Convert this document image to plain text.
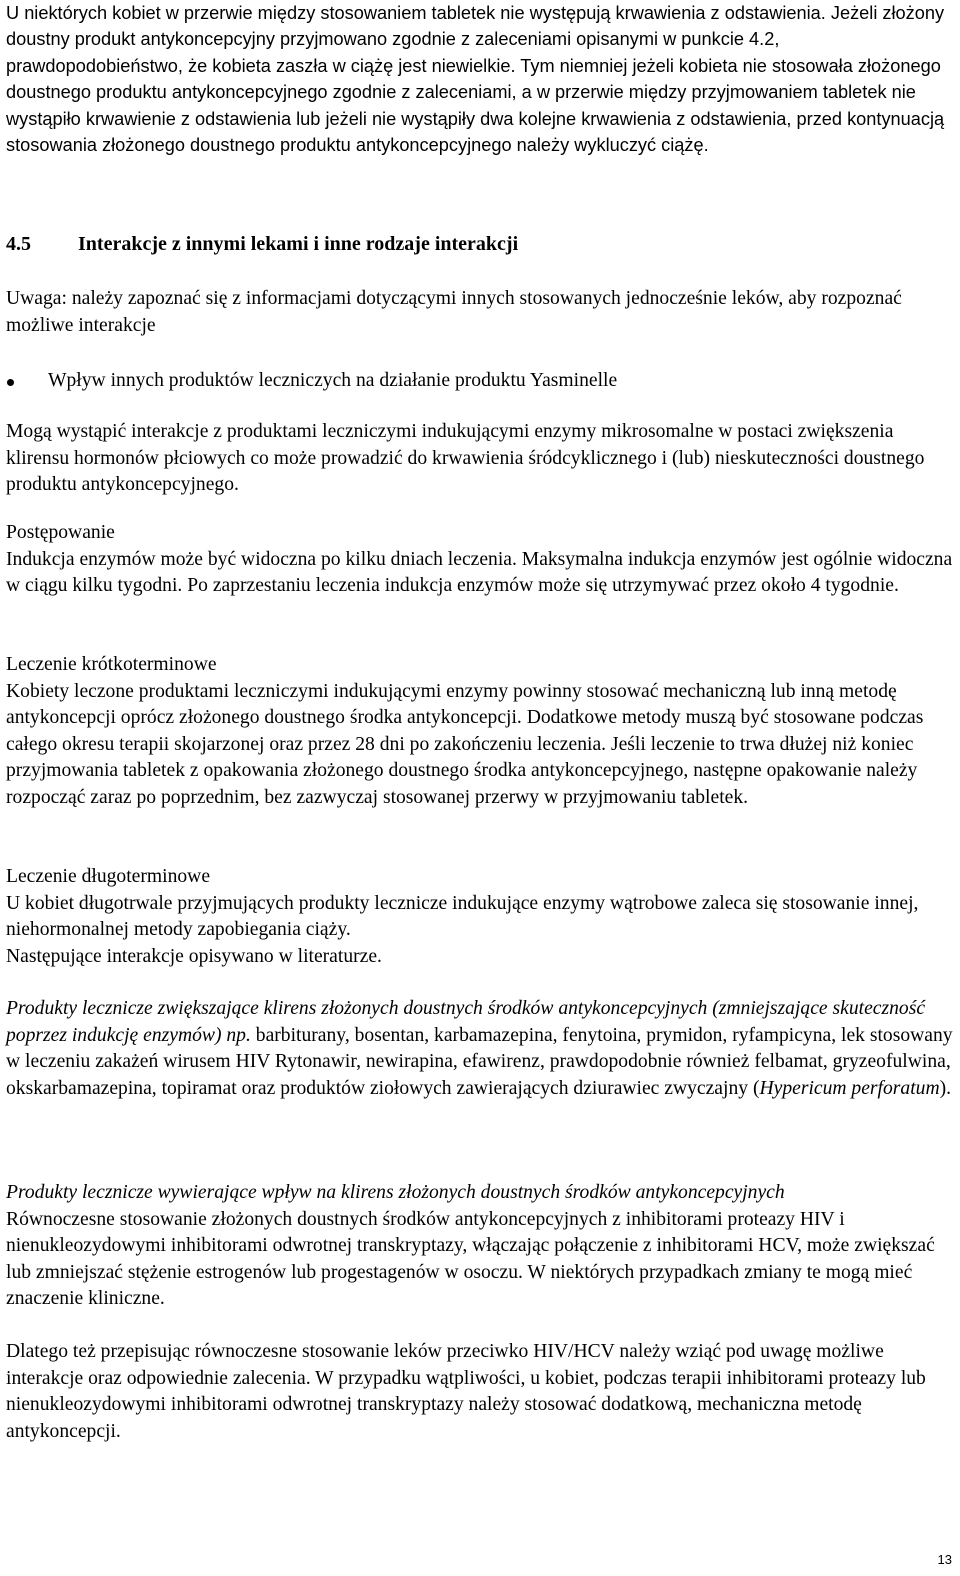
U niektórych kobiet w przerwie między stosowaniem tabletek nie występują krwawienia z odstawienia. Jeżeli złożony doustny produkt antykoncepcyjny przyjmowano zgodnie z zaleceniami opisanymi w punkcie 4.2, prawdopodobieństwo, że kobieta zaszła w ciążę jest niewielkie. Tym niemniej jeżeli kobieta nie stosowała złożonego doustnego produktu antykoncepcyjnego zgodnie z zaleceniami, a w przerwie między przyjmowaniem tabletek nie wystąpiło krwawienie z odstawienia lub jeżeli nie wystąpiły dwa kolejne krwawienia z odstawienia, przed kontynuacją stosowania złożonego doustnego produktu antykoncepcyjnego należy wykluczyć ciążę.

4.5 Interakcje z innymi lekami i inne rodzaje interakcji

Uwaga: należy zapoznać się z informacjami dotyczącymi innych stosowanych jednocześnie leków, aby rozpoznać możliwe interakcje

Wpływ innych produktów leczniczych na działanie produktu Yasminelle

Mogą wystąpić interakcje z produktami leczniczymi indukującymi enzymy mikrosomalne w postaci zwiększenia klirensu hormonów płciowych co może prowadzić do krwawienia śródcyklicznego i (lub) nieskuteczności doustnego produktu antykoncepcyjnego.

Postępowanie

Indukcja enzymów może być widoczna po kilku dniach leczenia. Maksymalna indukcja enzymów jest ogólnie widoczna w ciągu kilku tygodni. Po zaprzestaniu leczenia indukcja enzymów może się utrzymywać przez około 4 tygodnie.

Leczenie krótkoterminowe

Kobiety leczone produktami leczniczymi indukującymi enzymy powinny stosować mechaniczną lub inną metodę antykoncepcji oprócz złożonego doustnego środka antykoncepcji. Dodatkowe metody muszą być stosowane podczas całego okresu terapii skojarzonej oraz przez 28 dni po zakończeniu leczenia. Jeśli leczenie to trwa dłużej niż koniec przyjmowania tabletek z opakowania złożonego doustnego środka antykoncepcyjnego, następne opakowanie należy rozpocząć zaraz po poprzednim, bez zazwyczaj stosowanej przerwy w przyjmowaniu tabletek.

Leczenie długoterminowe

U kobiet długotrwale przyjmujących produkty lecznicze indukujące enzymy wątrobowe zaleca się stosowanie innej, niehormonalnej metody zapobiegania ciąży.

Następujące interakcje opisywano w literaturze.

Produkty lecznicze zwiększające klirens złożonych doustnych środków antykoncepcyjnych (zmniejszające skuteczność poprzez indukcję enzymów) np. barbiturany, bosentan, karbamazepina, fenytoina, prymidon, ryfampicyna, lek stosowany w leczeniu zakażeń wirusem HIV Rytonawir, newirapina, efawirenz, prawdopodobnie również felbamat, gryzeofulwina, okskarbamazepina, topiramat oraz produktów ziołowych zawierających dziurawiec zwyczajny (Hypericum perforatum).

Produkty lecznicze wywierające wpływ na klirens złożonych doustnych środków antykoncepcyjnych

Równoczesne stosowanie złożonych doustnych środków antykoncepcyjnych z inhibitorami proteazy HIV i nienukleozydowymi inhibitorami odwrotnej transkryptazy, włączając połączenie z inhibitorami HCV, może zwiększać lub zmniejszać stężenie estrogenów lub progestagenów w osoczu. W niektórych przypadkach zmiany te mogą mieć znaczenie kliniczne.

Dlatego też przepisując równoczesne stosowanie leków przeciwko HIV/HCV należy wziąć pod uwagę możliwe interakcje oraz odpowiednie zalecenia. W przypadku wątpliwości, u kobiet, podczas terapii inhibitorami proteazy lub nienukleozydowymi inhibitorami odwrotnej transkryptazy należy stosować dodatkową, mechaniczna metodę antykoncepcji.

13
